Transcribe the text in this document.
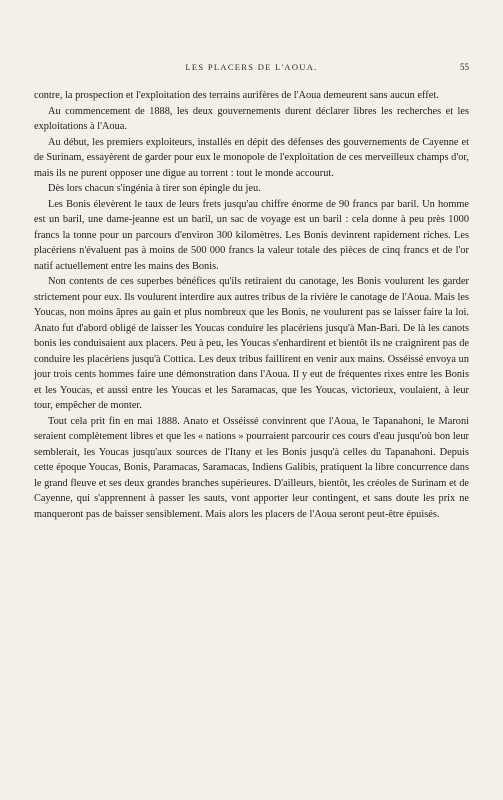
LES PLACERS DE L'AOUA.	55

contre, la prospection et l'exploitation des terrains aurifères de l'Aoua demeurent sans aucun effet.

Au commencement de 1888, les deux gouvernements durent déclarer libres les recherches et les exploitations à l'Aoua.

Au début, les premiers exploiteurs, installés en dépit des défenses des gouvernements de Cayenne et de Surinam, essayèrent de garder pour eux le monopole de l'exploitation de ces merveilleux champs d'or, mais ils ne purent opposer une digue au torrent : tout le monde accourut.

Dès lors chacun s'ingénia à tirer son épingle du jeu.

Les Bonis élevèrent le taux de leurs frets jusqu'au chiffre énorme de 90 francs par baril. Un homme est un baril, une dame-jeanne est un baril, un sac de voyage est un baril : cela donne à peu près 1000 francs la tonne pour un parcours d'environ 300 kilomètres. Les Bonis devinrent rapidement riches. Les placériens n'évaluent pas à moins de 500 000 francs la valeur totale des pièces de cinq francs et de l'or natif actuellement entre les mains des Bonis.

Non contents de ces superbes bénéfices qu'ils retiraient du canotage, les Bonis voulurent les garder strictement pour eux. Ils voulurent interdire aux autres tribus de la rivière le canotage de l'Aoua. Mais les Youcas, non moins âpres au gain et plus nombreux que les Bonis, ne voulurent pas se laisser faire la loi. Anato fut d'abord obligé de laisser les Youcas conduire les placériens jusqu'à Man-Bari. De là les canots bonis les conduisaient aux placers. Peu à peu, les Youcas s'enhardirent et bientôt ils ne craignirent pas de conduire les placériens jusqu'à Cottica. Les deux tribus faillirent en venir aux mains. Osséissé envoya un jour trois cents hommes faire une démonstration dans l'Aoua. Il y eut de fréquentes rixes entre les Bonis et les Youcas, et aussi entre les Youcas et les Saramacas, que les Youcas, victorieux, voulaient, à leur tour, empêcher de monter.

Tout cela prit fin en mai 1888. Anato et Osséissé convinrent que l'Aoua, le Tapanahoni, le Maroni seraient complètement libres et que les « nations » pourraient parcourir ces cours d'eau jusqu'où bon leur semblerait, les Youcas jusqu'aux sources de l'Itany et les Bonis jusqu'à celles du Tapanahoni. Depuis cette époque Youcas, Bonis, Paramacas, Saramacas, Indiens Galibis, pratiquent la libre concurrence dans le grand fleuve et ses deux grandes branches supérieures. D'ailleurs, bientôt, les créoles de Surinam et de Cayenne, qui s'apprennent à passer les sauts, vont apporter leur contingent, et sans doute les prix ne manqueront pas de baisser sensiblement. Mais alors les placers de l'Aoua seront peut-être épuisés.
